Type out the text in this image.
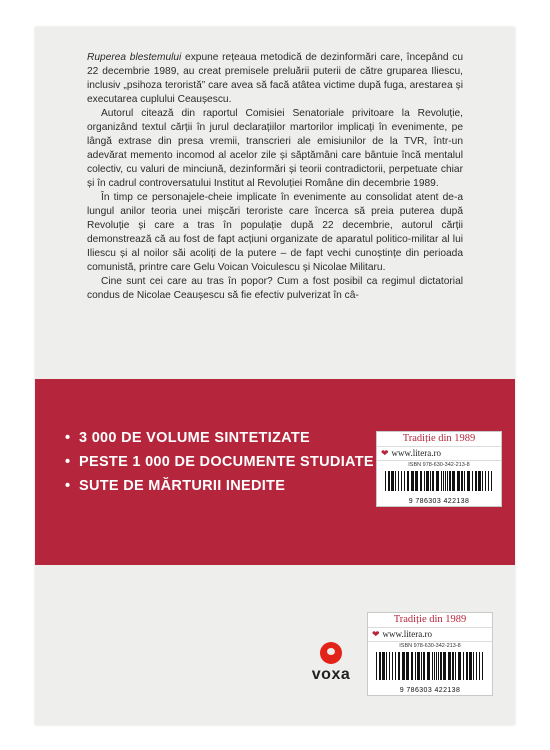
Ruperea blestemului expune rețeaua metodică de dezinformări care, începând cu 22 decembrie 1989, au creat premisele preluării puterii de către gruparea Iliescu, inclusiv „psihoza teroristă” care avea să facă atâtea victime după fuga, arestarea și executarea cuplului Ceaușescu.

Autorul citează din raportul Comisiei Senatoriale privitoare la Revoluție, organizând textul cărții în jurul declarațiilor martorilor implicați în evenimente, pe lângă extrase din presa vremii, transcrieri ale emisiunilor de la TVR, într-un adevărat memento incomod al acelor zile și săptămâni care bântuie încă mentalul colectiv, cu valuri de minciună, dezinformări și teorii contradictorii, perpetuate chiar și în cadrul controversatului Institut al Revoluției Române din decembrie 1989.

În timp ce personajele-cheie implicate în evenimente au consolidat atent de-a lungul anilor teoria unei mișcări teroriste care încerca să preia puterea după Revoluție și care a tras în populație după 22 decembrie, autorul cărții demonstrează că au fost de fapt acțiuni organizate de aparatul politico-militar al lui Iliescu și al noilor săi acoliți de la putere – de fapt vechi cunoștințe din perioada comunistă, printre care Gelu Voican Voiculescu și Nicolae Militaru.

Cine sunt cei care au tras în popor? Cum a fost posibil ca regimul dictatorial condus de Nicolae Ceaușescu să fie efectiv pulverizat în câ-

• 3 000 DE VOLUME SINTETIZATE
• PESTE 1 000 DE DOCUMENTE STUDIATE
• SUTE DE MĂRTURII INEDITE
Tradiție din 1989
❤ www.litera.ro
ISBN 978-630-342-213-8
9 786303 422138
Tradiție din 1989
❤ www.litera.ro
ISBN 978-630-342-213-8
9 786303 422138
voxa
